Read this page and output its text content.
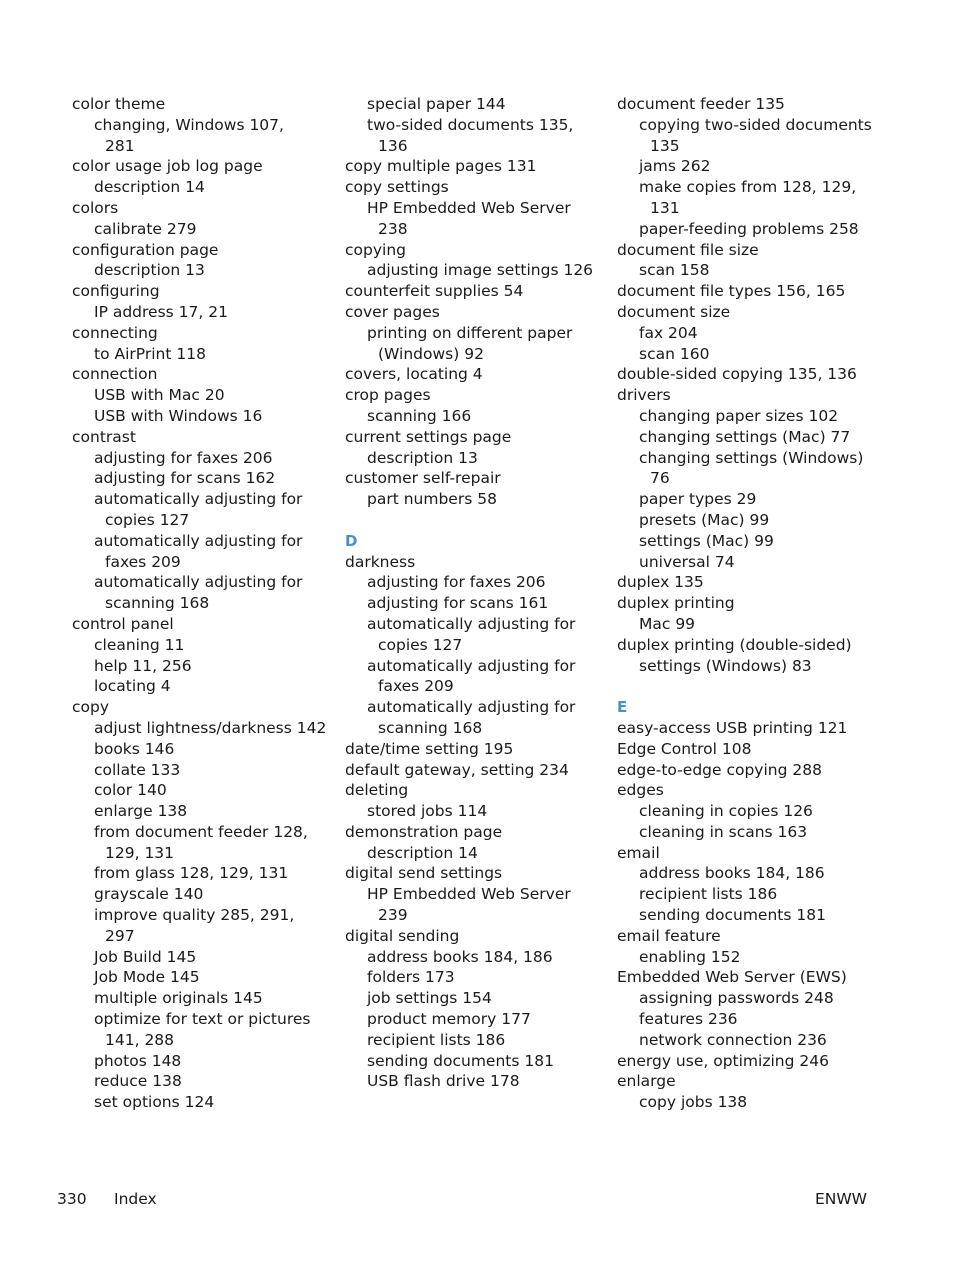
color theme
changing, Windows 107,
281
color usage job log page
description 14
colors
calibrate 279
configuration page
description 13
configuring
IP address 17, 21
connecting
to AirPrint 118
connection
USB with Mac 20
USB with Windows 16
contrast
adjusting for faxes 206
adjusting for scans 162
automatically adjusting for
copies 127
automatically adjusting for
faxes 209
automatically adjusting for
scanning 168
control panel
cleaning 11
help 11, 256
locating 4
copy
adjust lightness/darkness 142
books 146
collate 133
color 140
enlarge 138
from document feeder 128,
129, 131
from glass 128, 129, 131
grayscale 140
improve quality 285, 291,
297
Job Build 145
Job Mode 145
multiple originals 145
optimize for text or pictures
141, 288
photos 148
reduce 138
set options 124
special paper 144
two-sided documents 135,
136
copy multiple pages 131
copy settings
HP Embedded Web Server
238
copying
adjusting image settings 126
counterfeit supplies 54
cover pages
printing on different paper
(Windows) 92
covers, locating 4
crop pages
scanning 166
current settings page
description 13
customer self-repair
part numbers 58
D
darkness
adjusting for faxes 206
adjusting for scans 161
automatically adjusting for
copies 127
automatically adjusting for
faxes 209
automatically adjusting for
scanning 168
date/time setting 195
default gateway, setting 234
deleting
stored jobs 114
demonstration page
description 14
digital send settings
HP Embedded Web Server
239
digital sending
address books 184, 186
folders 173
job settings 154
product memory 177
recipient lists 186
sending documents 181
USB flash drive 178
document feeder 135
copying two-sided documents
135
jams 262
make copies from 128, 129,
131
paper-feeding problems 258
document file size
scan 158
document file types 156, 165
document size
fax 204
scan 160
double-sided copying 135, 136
drivers
changing paper sizes 102
changing settings (Mac) 77
changing settings (Windows)
76
paper types 29
presets (Mac) 99
settings (Mac) 99
universal 74
duplex 135
duplex printing
Mac 99
duplex printing (double-sided)
settings (Windows) 83
E
easy-access USB printing 121
Edge Control 108
edge-to-edge copying 288
edges
cleaning in copies 126
cleaning in scans 163
email
address books 184, 186
recipient lists 186
sending documents 181
email feature
enabling 152
Embedded Web Server (EWS)
assigning passwords 248
features 236
network connection 236
energy use, optimizing 246
enlarge
copy jobs 138
330 Index	ENWW
